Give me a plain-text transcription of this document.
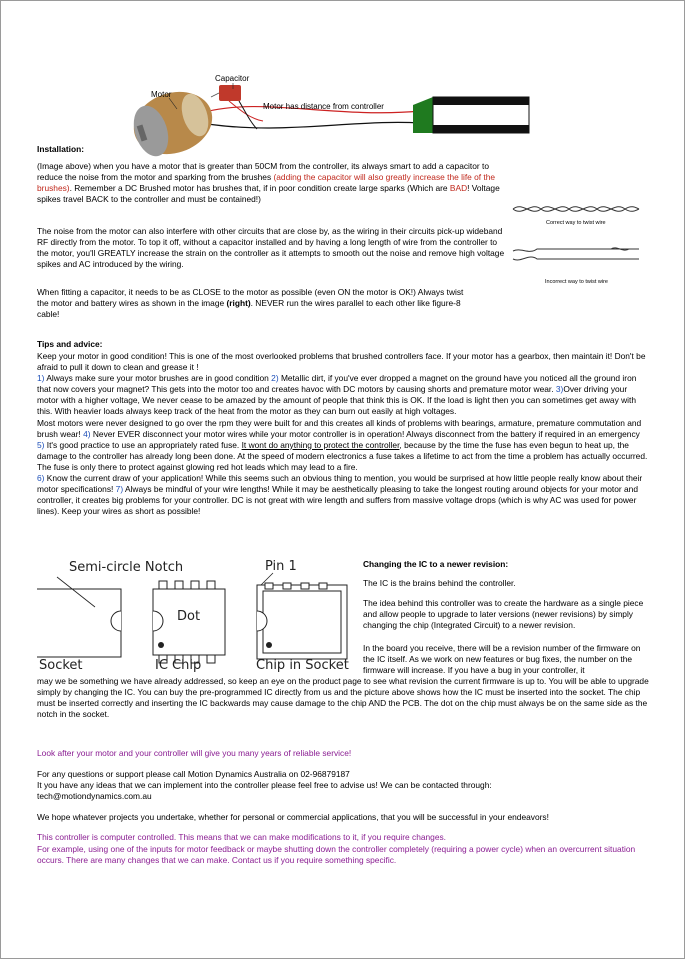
Motor
Capacitor
Motor has distance from controller
Installation:
(Image above) when you have a motor that is greater than 50CM from the controller, its always smart to add a capacitor to reduce the noise from the motor and sparking from the brushes (adding the capacitor will also greatly increase the life of the brushes). Remember a DC Brushed motor has brushes that, if in poor condition create large sparks (Which are BAD! Voltage spikes travel BACK to the controller and must be contained!)
The noise from the motor can also interfere with other circuits that are close by, as the wiring in their circuits pick-up wideband RF directly from the motor. To top it off, without a capacitor installed and by having a long length of wire from the controller to the motor, you'll GREATLY increase the strain on the controller as it attempts to smooth out the noise and remove high voltage spikes and AC introduced by the wiring.
When fitting a capacitor, it needs to be as CLOSE to the motor as possible (even ON the motor is OK!) Always twist the motor and battery wires as shown in the image (right). NEVER run the wires parallel to each other like figure-8 cable!
Correct way to twist wire
Incorrect way to twist wire
Tips and advice:
Keep your motor in good condition! This is one of the most overlooked problems that brushed controllers face. If your motor has a gearbox, then maintain it! Don't be afraid to pull it down to clean and grease it !
1) Always make sure your motor brushes are in good condition 2) Metallic dirt, if you've ever dropped a magnet on the ground have you noticed all the ground iron that now covers your magnet? This gets into the motor too and creates havoc with DC motors by causing shorts and premature motor wear. 3)Over driving your motor with a higher voltage, We never cease to be amazed by the amount of people that think this is OK. If the load is light then you can sometimes get away with this. With heavier loads always keep track of the heat from the motor as they can burn out easily at high voltages.
Most motors were never designed to go over the rpm they were built for and this creates all kinds of problems with bearings, armature, premature commutation and brush wear! 4) Never EVER disconnect your motor wires while your motor controller is in operation! Always disconnect from the battery if required in an emergency 5) It's good practice to use an appropriately rated fuse. It wont do anything to protect the controller, because by the time the fuse has even begun to heat up, the damage to the controller has already long been done. At the speed of modern electronics a fuse takes a lifetime to act from the time a problem has actually occurred. The fuse is only there to protect against glowing red hot leads which may lead to a fire.
6) Know the current draw of your application! While this seems such an obvious thing to mention, you would be surprised at how little people really know about their motor specifications! 7) Always be mindful of your wire lengths! While it may be aesthetically pleasing to take the longest routing around objects for your motor and controller, it creates big problems for your controller. DC is not great with wire length and suffers from massive voltage drops (which is why AC was used for power lines). Keep your wires as short as possible!
Semi-circle Notch	Pin 1
Dot
Socket	IC Chip	Chip in Socket
Changing the IC to a newer revision:
The IC is the brains behind the controller.
The idea behind this controller was to create the hardware as a single piece and allow people to upgrade to later versions (newer revisions) by simply changing the chip (Integrated Circuit) to a newer revision.
In the board you receive, there will be a revision number of the firmware on the IC itself. As we work on new features or bug fixes, the number on the firmware will increase. If you have a bug in your controller, it
may we be something we have already addressed, so keep an eye on the product page to see what revision the current firmware is up to. You will be able to upgrade simply by changing the IC. You can buy the pre-programmed IC directly from us and the picture above shows how the IC must be inserted into the socket. The chip must be inserted correctly and inserting the IC backwards may cause damage to the chip AND the PCB. The dot on the chip must always be on the same side as the notch in the socket.
Look after your motor and your controller will give you many years of reliable service!
For any questions or support please call Motion Dynamics Australia on 02-96879187
It you have any ideas that we can implement into the controller please feel free to advise us! We can be contacted through:
tech@motiondynamics.com.au
We hope whatever projects you undertake, whether for personal or commercial applications, that you will be successful in your endeavors!
This controller is computer controlled. This means that we can make modifications to it, if you require changes.
For example, using one of the inputs for motor feedback or maybe shutting down the controller completely (requiring a power cycle) when an overcurrent situation occurs. There are many changes that we can make. Contact us if you require something specific.
